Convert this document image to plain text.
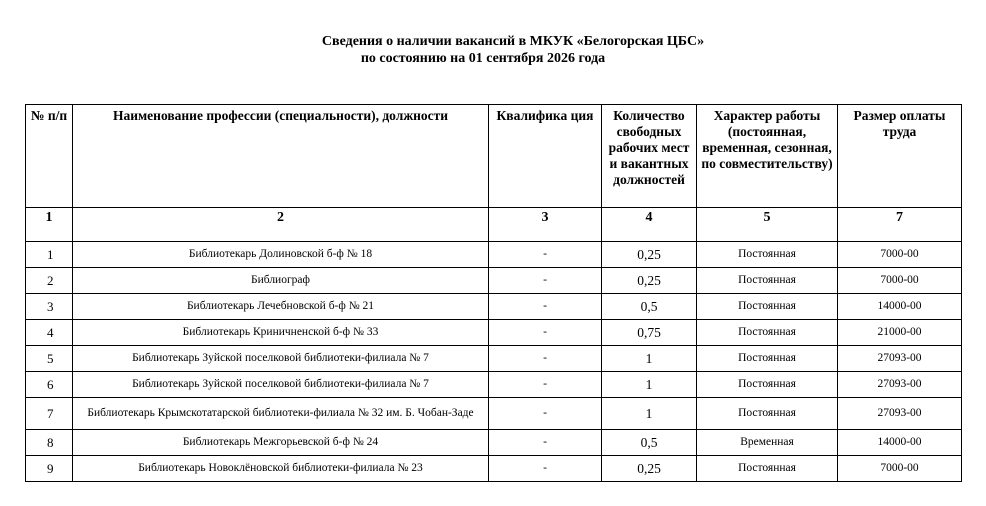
Сведения о наличии вакансий в МКУК «Белогорская ЦБС»
по состоянию на 01 сентября 2026 года
№ п/п	Наименование профессии (специальности), должности	Квалифика ция	Количество свободных рабочих мест и вакантных должностей	Характер работы (постоянная, временная, сезонная, по совместительству)	Размер оплаты труда
1	2	3	4	5	7
1	Библиотекарь Долиновской б-ф № 18	-	0,25	Постоянная	7000-00
2	Библиограф	-	0,25	Постоянная	7000-00
3	Библиотекарь Лечебновской б-ф № 21	-	0,5	Постоянная	14000-00
4	Библиотекарь Криничненской б-ф № 33	-	0,75	Постоянная	21000-00
5	Библиотекарь Зуйской поселковой библиотеки-филиала № 7	-	1	Постоянная	27093-00
6	Библиотекарь Зуйской поселковой библиотеки-филиала № 7	-	1	Постоянная	27093-00
7	Библиотекарь Крымскотатарской библиотеки-филиала № 32 им. Б. Чобан-Заде	-	1	Постоянная	27093-00
8	Библиотекарь Межгорьевской б-ф № 24	-	0,5	Временная	14000-00
9	Библиотекарь Новоклёновской библиотеки-филиала № 23	-	0,25	Постоянная	7000-00
